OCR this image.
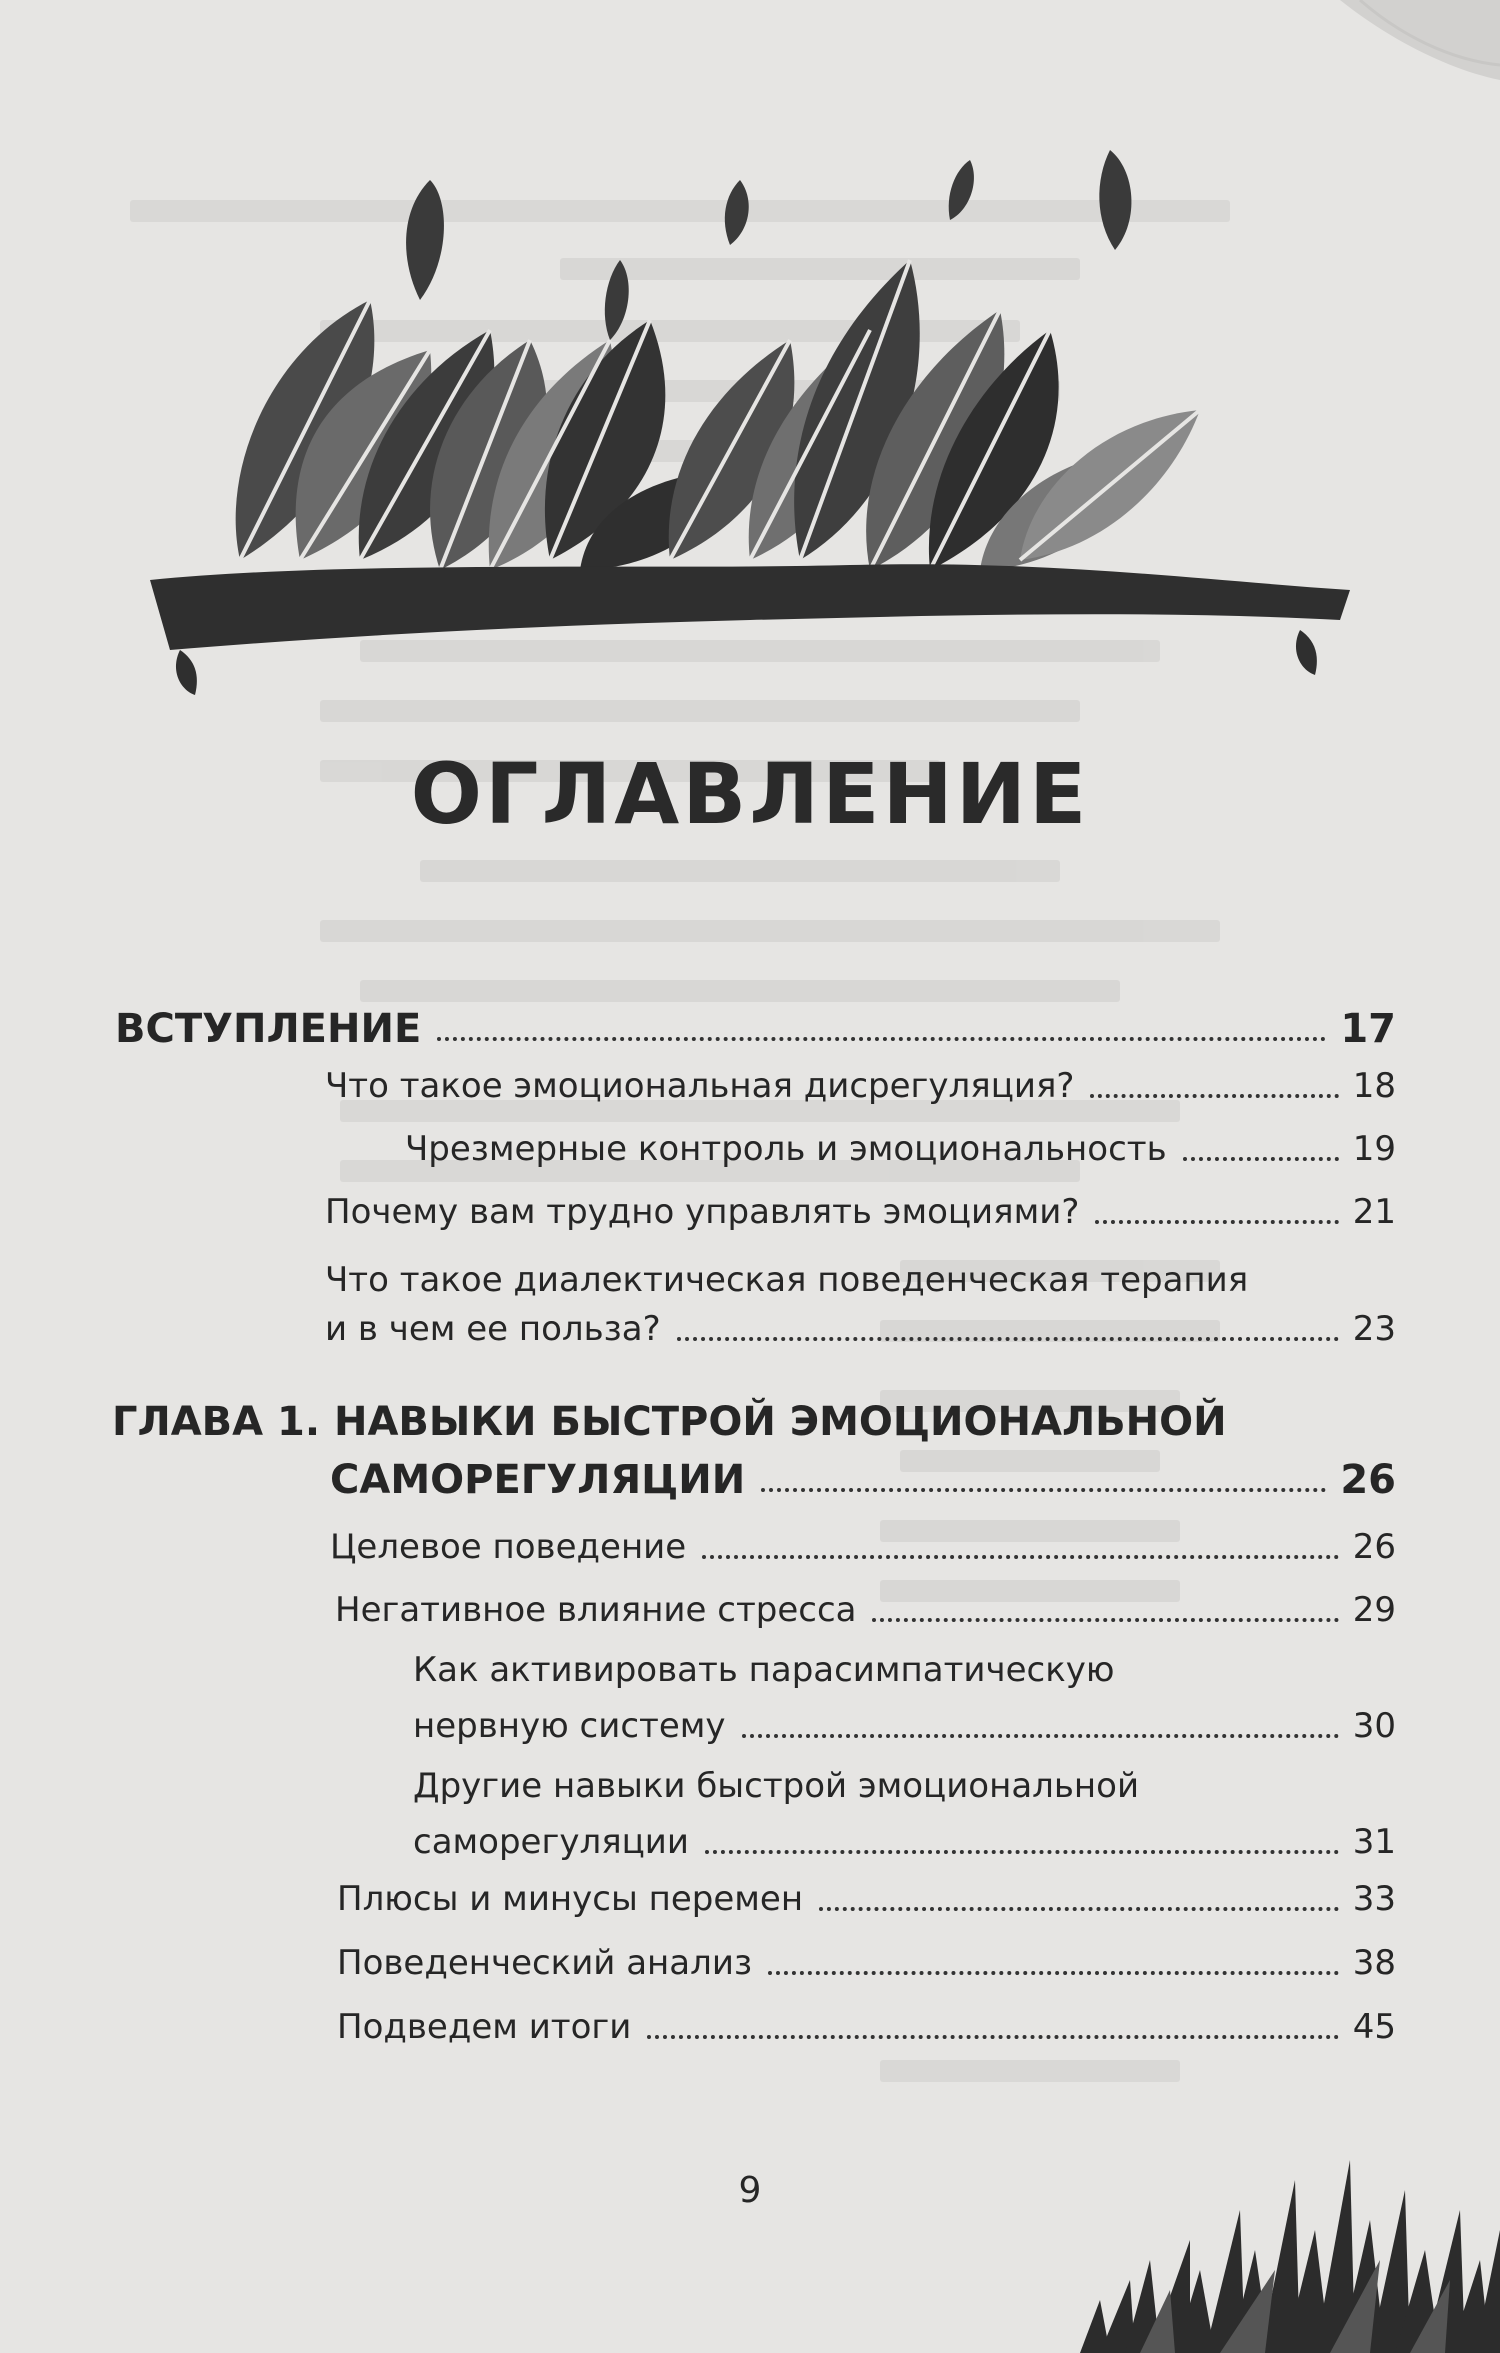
ОГЛАВЛЕНИЕ
ВСТУПЛЕНИЕ	17
Что такое эмоциональная дисрегуляция?	18
Чрезмерные контроль и эмоциональность	19
Почему вам трудно управлять эмоциями?	21
Что такое диалектическая поведенческая терапия
и в чем ее польза?	23
ГЛАВА 1. НАВЫКИ БЫСТРОЙ ЭМОЦИОНАЛЬНОЙ
САМОРЕГУЛЯЦИИ	26
Целевое поведение	26
Негативное влияние стресса	29
Как активировать парасимпатическую
нервную систему	30
Другие навыки быстрой эмоциональной
саморегуляции	31
Плюсы и минусы перемен	33
Поведенческий анализ	38
Подведем итоги	45
9
